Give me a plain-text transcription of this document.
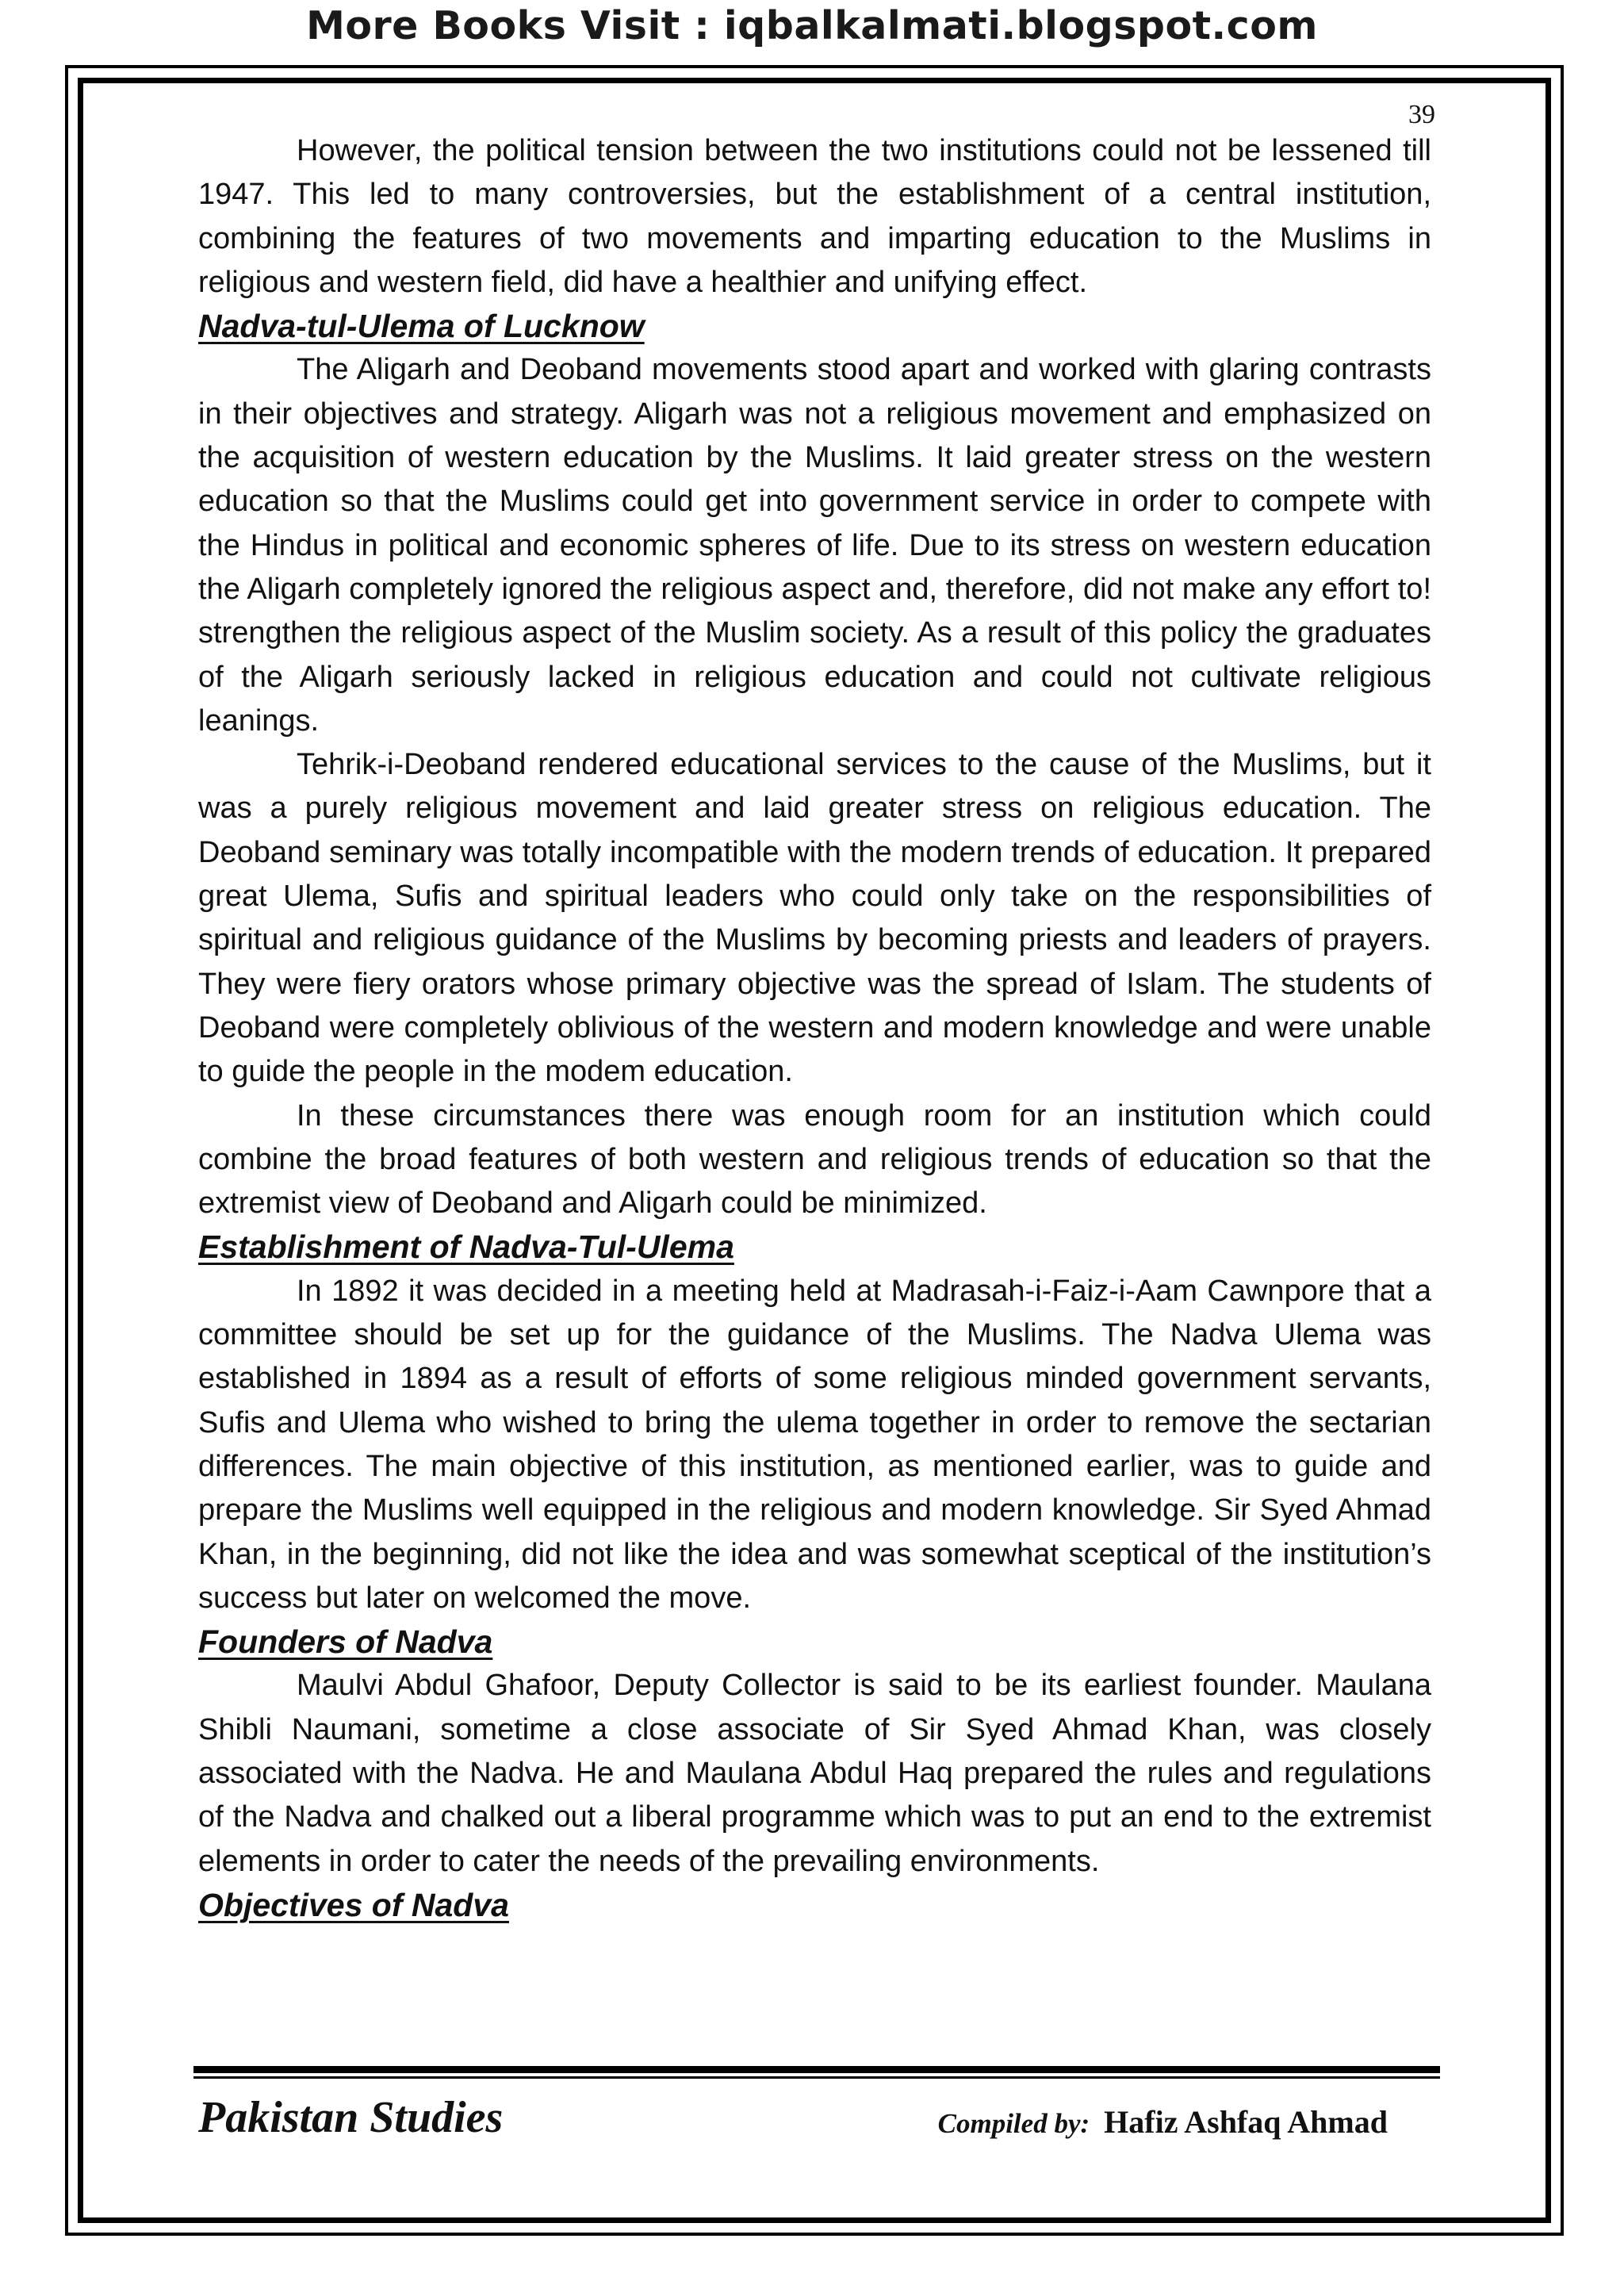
More Books Visit : iqbalkalmati.blogspot.com
39

However, the political tension between the two institutions could not be lessened till 1947. This led to many controversies, but the establishment of a central institution, combining the features of two movements and imparting education to the Muslims in religious and western field, did have a healthier and unifying effect.

Nadva-tul-Ulema of Lucknow

The Aligarh and Deoband movements stood apart and worked with glaring contrasts in their objectives and strategy. Aligarh was not a religious movement and emphasized on the acquisition of western education by the Muslims. It laid greater stress on the western education so that the Muslims could get into government service in order to compete with the Hindus in political and economic spheres of life. Due to its stress on western education the Aligarh completely ignored the religious aspect and, therefore, did not make any effort to! strengthen the religious aspect of the Muslim society. As a result of this policy the graduates of the Aligarh seriously lacked in religious education and could not cultivate religious leanings.

Tehrik-i-Deoband rendered educational services to the cause of the Muslims, but it was a purely religious movement and laid greater stress on religious education. The Deoband seminary was totally incompatible with the modern trends of education. It prepared great Ulema, Sufis and spiritual leaders who could only take on the responsibilities of spiritual and religious guidance of the Muslims by becoming priests and leaders of prayers. They were fiery orators whose primary objective was the spread of Islam. The students of Deoband were completely oblivious of the western and modern knowledge and were unable to guide the people in the modem education.

In these circumstances there was enough room for an institution which could combine the broad features of both western and religious trends of education so that the extremist view of Deoband and Aligarh could be minimized.

Establishment of Nadva-Tul-Ulema

In 1892 it was decided in a meeting held at Madrasah-i-Faiz-i-Aam Cawnpore that a committee should be set up for the guidance of the Muslims. The Nadva Ulema was established in 1894 as a result of efforts of some religious minded government servants, Sufis and Ulema who wished to bring the ulema together in order to remove the sectarian differences. The main objective of this institution, as mentioned earlier, was to guide and prepare the Muslims well equipped in the religious and modern knowledge. Sir Syed Ahmad Khan, in the beginning, did not like the idea and was somewhat sceptical of the institution’s success but later on welcomed the move.

Founders of Nadva

Maulvi Abdul Ghafoor, Deputy Collector is said to be its earliest founder. Maulana Shibli Naumani, sometime a close associate of Sir Syed Ahmad Khan, was closely associated with the Nadva. He and Maulana Abdul Haq prepared the rules and regulations of the Nadva and chalked out a liberal programme which was to put an end to the extremist elements in order to cater the needs of the prevailing environments.

Objectives of Nadva
Pakistan Studies	Compiled by: Hafiz Ashfaq Ahmad
